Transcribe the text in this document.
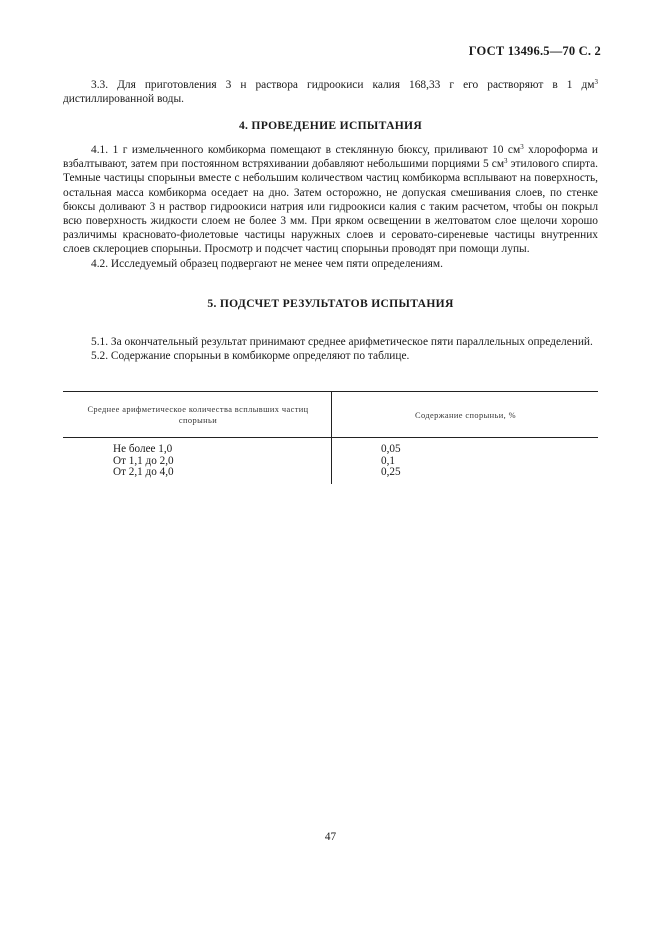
ГОСТ 13496.5—70 С. 2

3.3. Для приготовления 3 н раствора гидроокиси калия 168,33 г его растворяют в 1 $дм^3$ дистиллированной воды.

4. ПРОВЕДЕНИЕ ИСПЫТАНИЯ

4.1. 1 г измельченного комбикорма помещают в стеклянную бюксу, приливают 10 $см^3$ хлороформа и взбалтывают, затем при постоянном встряхивании добавляют небольшими порциями 5 $см^3$ этилового спирта. Темные частицы спорыньи вместе с небольшим количеством частиц комбикорма всплывают на поверхность, остальная масса комбикорма оседает на дно. Затем осторожно, не допуская смешивания слоев, по стенке бюксы доливают 3 н раствор гидроокиси натрия или гидроокиси калия с таким расчетом, чтобы он покрыл всю поверхность жидкости слоем не более 3 мм. При ярком освещении в желтоватом слое щелочи хорошо различимы красновато-фиолетовые частицы наружных слоев и серовато-сиреневые частицы внутренних слоев склероциев спорыньи. Просмотр и подсчет частиц спорыньи проводят при помощи лупы.

4.2. Исследуемый образец подвергают не менее чем пяти определениям.

5. ПОДСЧЕТ РЕЗУЛЬТАТОВ ИСПЫТАНИЯ

5.1. За окончательный результат принимают среднее арифметическое пяти параллельных определений.

5.2. Содержание спорыньи в комбикорме определяют по таблице.

Среднее арифметическое количества всплывших частиц спорыньи
Содержание спорыньи, %
Не более 1,0
От 1,1 до 2,0
От 2,1 до 4,0
0,05
0,1
0,25
47
